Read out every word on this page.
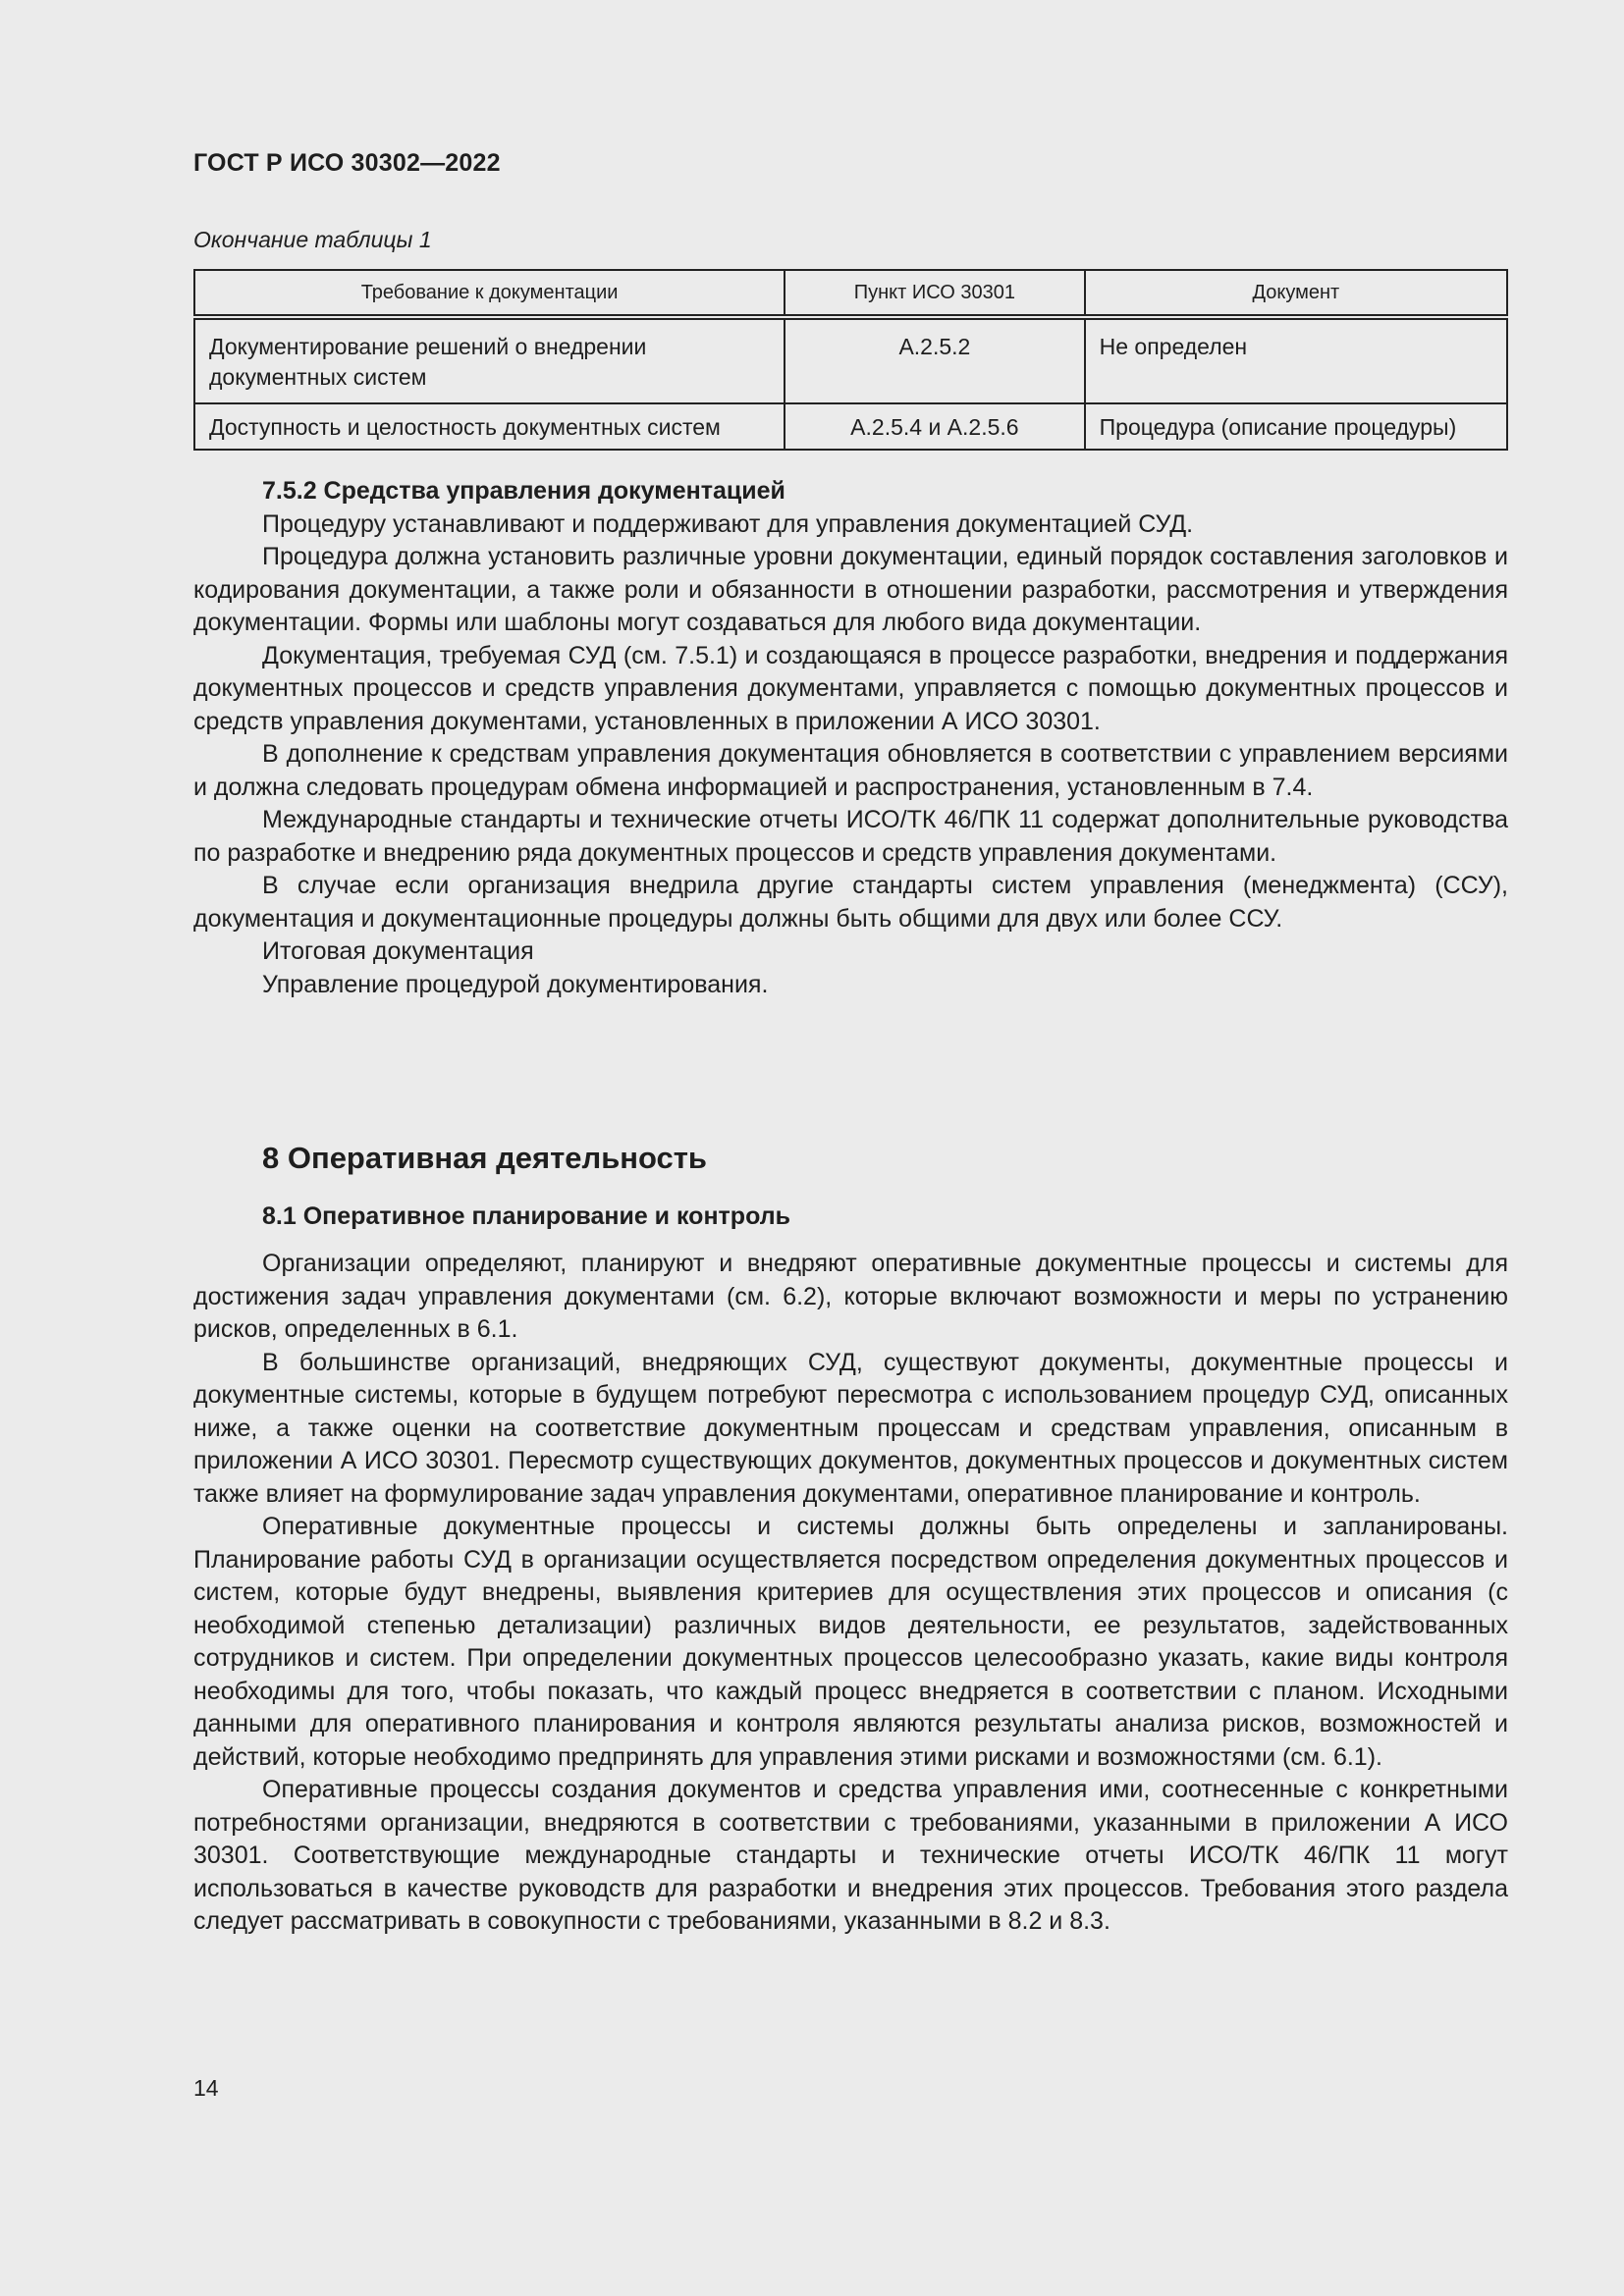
ГОСТ Р ИСО 30302—2022
Окончание таблицы 1
Требование к документации	Пункт ИСО 30301	Документ
Документирование решений о внедрении документных систем	A.2.5.2	Не определен
Доступность и целостность документных систем	A.2.5.4 и A.2.5.6	Процедура (описание процедуры)
7.5.2 Средства управления документацией

Процедуру устанавливают и поддерживают для управления документацией СУД.

Процедура должна установить различные уровни документации, единый порядок составления заголовков и кодирования документации, а также роли и обязанности в отношении разработки, рассмотрения и утверждения документации. Формы или шаблоны могут создаваться для любого вида документации.

Документация, требуемая СУД (см. 7.5.1) и создающаяся в процессе разработки, внедрения и поддержания документных процессов и средств управления документами, управляется с помощью документных процессов и средств управления документами, установленных в приложении А ИСО 30301.

В дополнение к средствам управления документация обновляется в соответствии с управлением версиями и должна следовать процедурам обмена информацией и распространения, установленным в 7.4.

Международные стандарты и технические отчеты ИСО/ТК 46/ПК 11 содержат дополнительные руководства по разработке и внедрению ряда документных процессов и средств управления документами.

В случае если организация внедрила другие стандарты систем управления (менеджмента) (ССУ), документация и документационные процедуры должны быть общими для двух или более ССУ.

Итоговая документация

Управление процедурой документирования.

8 Оперативная деятельность
8.1 Оперативное планирование и контроль

Организации определяют, планируют и внедряют оперативные документные процессы и системы для достижения задач управления документами (см. 6.2), которые включают возможности и меры по устранению рисков, определенных в 6.1.

В большинстве организаций, внедряющих СУД, существуют документы, документные процессы и документные системы, которые в будущем потребуют пересмотра с использованием процедур СУД, описанных ниже, а также оценки на соответствие документным процессам и средствам управления, описанным в приложении А ИСО 30301. Пересмотр существующих документов, документных процессов и документных систем также влияет на формулирование задач управления документами, оперативное планирование и контроль.

Оперативные документные процессы и системы должны быть определены и запланированы. Планирование работы СУД в организации осуществляется посредством определения документных процессов и систем, которые будут внедрены, выявления критериев для осуществления этих процессов и описания (с необходимой степенью детализации) различных видов деятельности, ее результатов, задействованных сотрудников и систем. При определении документных процессов целесообразно указать, какие виды контроля необходимы для того, чтобы показать, что каждый процесс внедряется в соответствии с планом. Исходными данными для оперативного планирования и контроля являются результаты анализа рисков, возможностей и действий, которые необходимо предпринять для управления этими рисками и возможностями (см. 6.1).

Оперативные процессы создания документов и средства управления ими, соотнесенные с конкретными потребностями организации, внедряются в соответствии с требованиями, указанными в приложении А ИСО 30301. Соответствующие международные стандарты и технические отчеты ИСО/ТК 46/ПК 11 могут использоваться в качестве руководств для разработки и внедрения этих процессов. Требования этого раздела следует рассматривать в совокупности с требованиями, указанными в 8.2 и 8.3.

14
